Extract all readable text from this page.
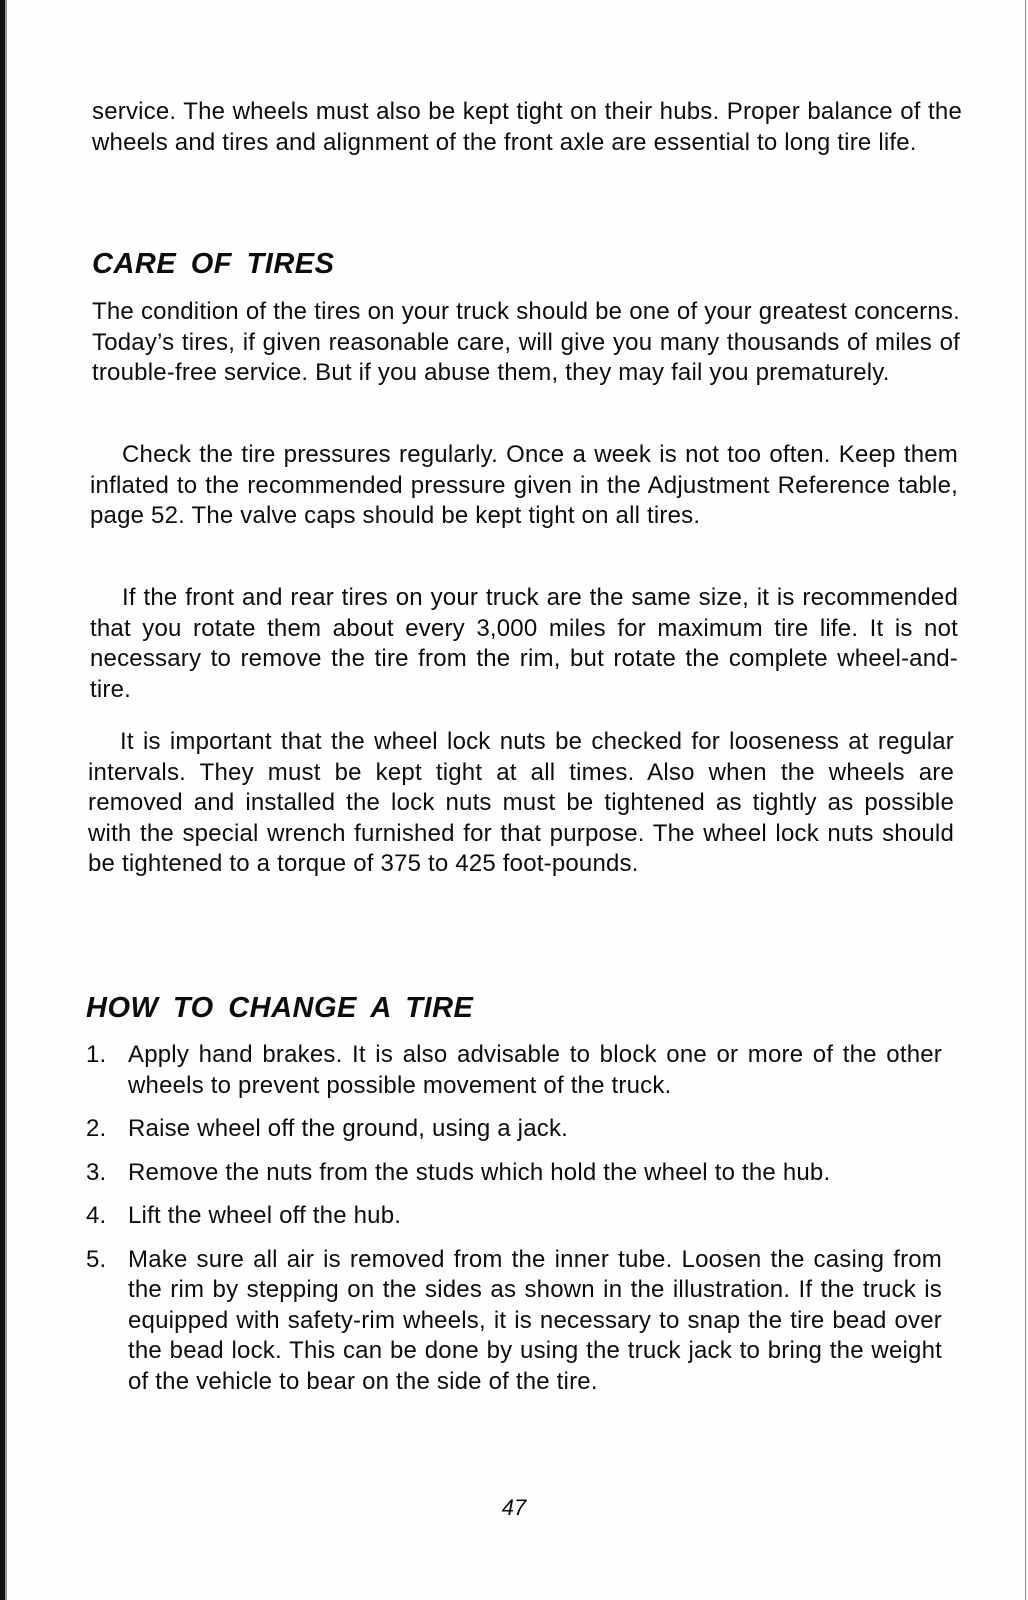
service. The wheels must also be kept tight on their hubs. Proper balance of the wheels and tires and alignment of the front axle are essential to long tire life.

CARE OF TIRES

The condition of the tires on your truck should be one of your greatest concerns. Today’s tires, if given reasonable care, will give you many thousands of miles of trouble-free service. But if you abuse them, they may fail you prematurely.

Check the tire pressures regularly. Once a week is not too often. Keep them inflated to the recommended pressure given in the Adjustment Reference table, page 52. The valve caps should be kept tight on all tires.

If the front and rear tires on your truck are the same size, it is recommended that you rotate them about every 3,000 miles for maximum tire life. It is not necessary to remove the tire from the rim, but rotate the complete wheel-and-tire.

It is important that the wheel lock nuts be checked for looseness at regular intervals. They must be kept tight at all times. Also when the wheels are removed and installed the lock nuts must be tightened as tightly as possible with the special wrench furnished for that purpose. The wheel lock nuts should be tightened to a torque of 375 to 425 foot-pounds.

HOW TO CHANGE A TIRE
1. Apply hand brakes. It is also advisable to block one or more of the other wheels to prevent possible movement of the truck.
2. Raise wheel off the ground, using a jack.
3. Remove the nuts from the studs which hold the wheel to the hub.
4. Lift the wheel off the hub.
5. Make sure all air is removed from the inner tube. Loosen the casing from the rim by stepping on the sides as shown in the illustration. If the truck is equipped with safety-rim wheels, it is necessary to snap the tire bead over the bead lock. This can be done by using the truck jack to bring the weight of the vehicle to bear on the side of the tire.
47
